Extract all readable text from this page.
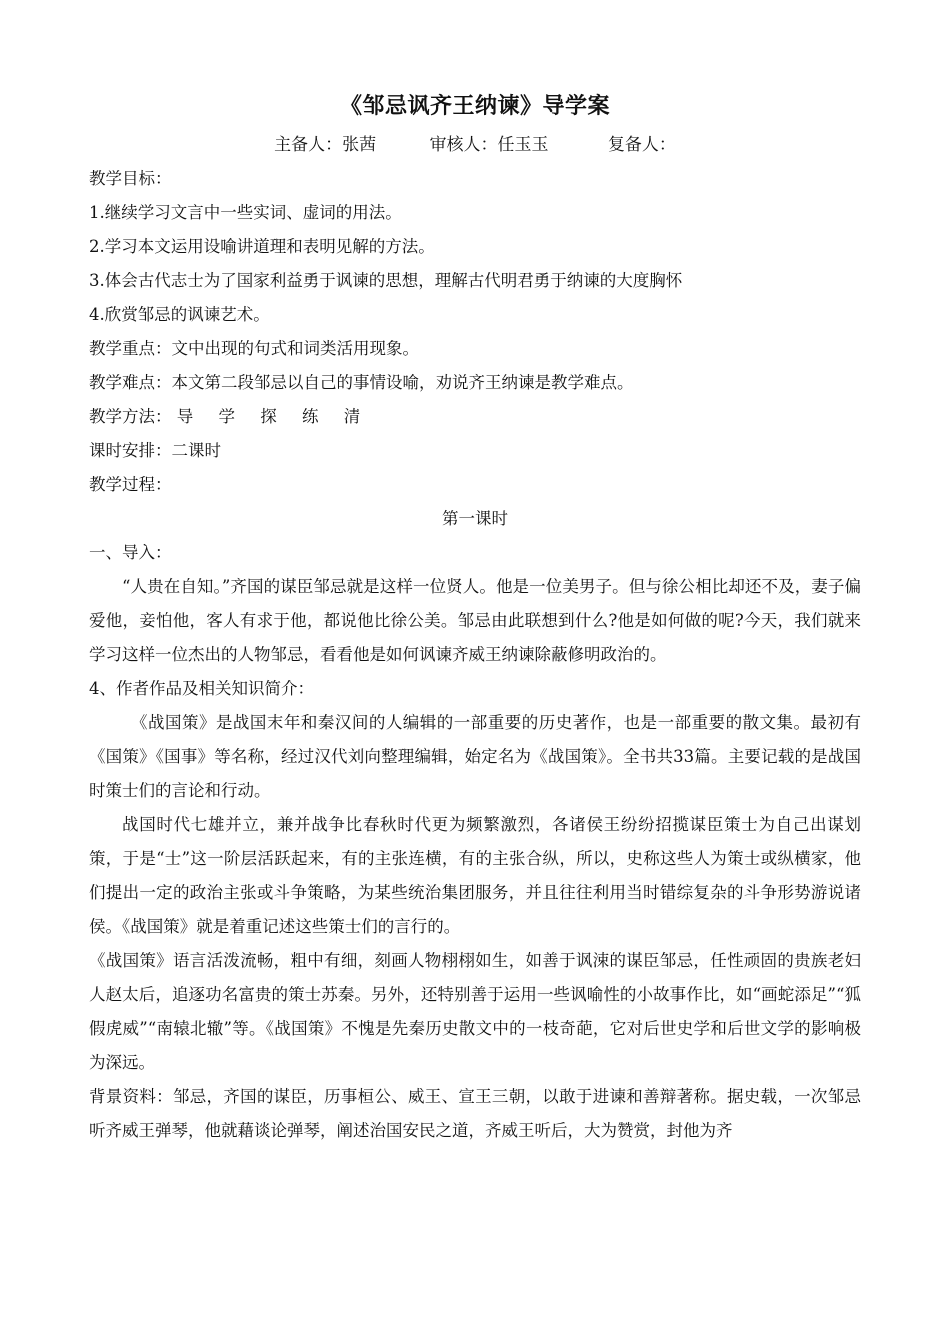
《邹忌讽齐王纳谏》导学案
主备人：张茜	审核人：任玉玉	复备人：
教学目标：
1.继续学习文言中一些实词、虚词的用法。
2.学习本文运用设喻讲道理和表明见解的方法。
3.体会古代志士为了国家利益勇于讽谏的思想，理解古代明君勇于纳谏的大度胸怀
4.欣赏邹忌的讽谏艺术。
教学重点：文中出现的句式和词类活用现象。
教学难点：本文第二段邹忌以自己的事情设喻，劝说齐王纳谏是教学难点。
教学方法： 导 学 探 练 清
课时安排：二课时
教学过程：
第一课时
一、导入：

“人贵在自知。”齐国的谋臣邹忌就是这样一位贤人。他是一位美男子。但与徐公相比却还不及，妻子偏爱他，妾怕他，客人有求于他，都说他比徐公美。邹忌由此联想到什么?他是如何做的呢?今天，我们就来学习这样一位杰出的人物邹忌，看看他是如何讽谏齐威王纳谏除蔽修明政治的。

4、作者作品及相关知识简介：

《战国策》是战国末年和秦汉间的人编辑的一部重要的历史著作，也是一部重要的散文集。最初有《国策》《国事》等名称，经过汉代刘向整理编辑，始定名为《战国策》。全书共33篇。主要记载的是战国时策士们的言论和行动。

战国时代七雄并立，兼并战争比春秋时代更为频繁激烈，各诸侯王纷纷招揽谋臣策士为自己出谋划策，于是“士”这一阶层活跃起来，有的主张连横，有的主张合纵，所以，史称这些人为策士或纵横家，他们提出一定的政治主张或斗争策略，为某些统治集团服务，并且往往利用当时错综复杂的斗争形势游说诸侯。《战国策》就是着重记述这些策士们的言行的。

《战国策》语言活泼流畅，粗中有细，刻画人物栩栩如生，如善于讽涑的谋臣邹忌，任性顽固的贵族老妇人赵太后，追逐功名富贵的策士苏秦。另外，还特别善于运用一些讽喻性的小故事作比，如“画蛇添足”“狐假虎威”“南辕北辙”等。《战国策》不愧是先秦历史散文中的一枝奇葩，它对后世史学和后世文学的影响极为深远。

背景资料：邹忌，齐国的谋臣，历事桓公、威王、宣王三朝，以敢于进谏和善辩著称。据史载，一次邹忌听齐威王弹琴，他就藉谈论弹琴，阐述治国安民之道，齐威王听后，大为赞赏，封他为齐
